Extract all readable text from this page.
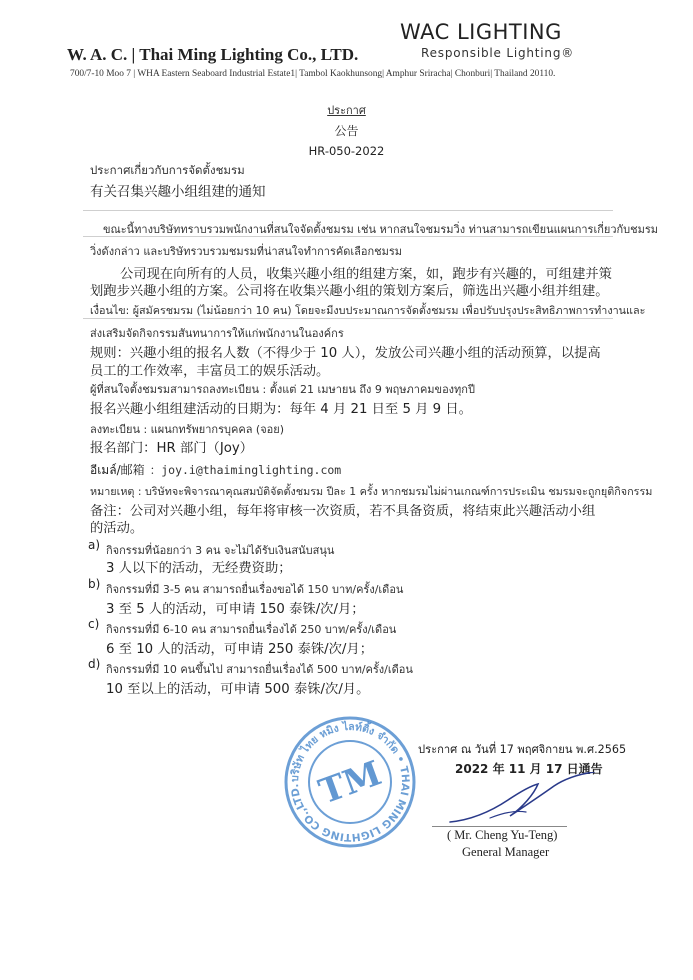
WAC LIGHTING
Responsible Lighting®
W. A. C. | Thai Ming Lighting Co., LTD.
700/7-10 Moo 7 | WHA Eastern Seaboard Industrial Estate1| Tambol Kaokhunsong| Amphur Sriracha| Chonburi| Thailand 20110.
ประกาศ
公告
HR-050-2022
ประกาศเกี่ยวกับการจัดตั้งชมรม
有关召集兴趣小组组建的通知
ขณะนี้ทางบริษัททราบรวมพนักงานที่สนใจจัดตั้งชมรม เช่น หากสนใจชมรมวิ่ง ท่านสามารถเขียนแผนการเกี่ยวกับชมรม
วิ่งดังกล่าว และบริษัทรวบรวมชมรมที่น่าสนใจทำการคัดเลือกชมรม
公司现在向所有的人员，收集兴趣小组的组建方案，如，跑步有兴趣的，可组建并策
划跑步兴趣小组的方案。公司将在收集兴趣小组的策划方案后，筛选出兴趣小组并组建。
เงื่อนไข: ผู้สมัครชมรม (ไม่น้อยกว่า 10 คน) โดยจะมีงบประมาณการจัดตั้งชมรม เพื่อปรับปรุงประสิทธิภาพการทำงานและ
ส่งเสริมจัดกิจกรรมสันทนาการให้แก่พนักงานในองค์กร
规则：兴趣小组的报名人数（不得少于 10 人），发放公司兴趣小组的活动预算，以提高
员工的工作效率，丰富员工的娱乐活动。
ผู้ที่สนใจตั้งชมรมสามารถลงทะเบียน : ตั้งแต่ 21 เมษายน ถึง 9 พฤษภาคมของทุกปี
报名兴趣小组组建活动的日期为：每年 4 月 21 日至 5 月 9 日。
ลงทะเบียน : แผนกทรัพยากรบุคคล (จอย)
报名部门：HR 部门（Joy）
อีเมล์/邮箱 ：joy.i@thaiminglighting.com
หมายเหตุ : บริษัทจะพิจารณาคุณสมบัติจัดตั้งชมรม ปีละ 1 ครั้ง หากชมรมไม่ผ่านเกณฑ์การประเมิน ชมรมจะถูกยุติกิจกรรม
备注：公司对兴趣小组，每年将审核一次资质，若不具备资质，将结束此兴趣活动小组
的活动。
a) กิจกรรมที่น้อยกว่า 3 คน จะไม่ได้รับเงินสนับสนุน
3 人以下的活动，无经费资助；
b) กิจกรรมที่มี 3-5 คน สามารถยื่นเรื่องขอได้ 150 บาท/ครั้ง/เดือน
3 至 5 人的活动，可申请 150 泰铢/次/月；
c) กิจกรรมที่มี 6-10 คน สามารถยื่นเรื่องได้ 250 บาท/ครั้ง/เดือน
6 至 10 人的活动，可申请 250 泰铢/次/月；
d) กิจกรรมที่มี 10 คนขึ้นไป สามารถยื่นเรื่องได้ 500 บาท/ครั้ง/เดือน
10 至以上的活动，可申请 500 泰铢/次/月。
บริษัท ไทย หมิง ไลท์ติ้ง จำกัด • THAI MING LIGHTING CO.,LTD. TM
ประกาศ ณ วันที่ 17 พฤศจิกายน พ.ศ.2565
2022 年 11 月 17 日通告
( Mr. Cheng Yu-Teng)
General Manager
